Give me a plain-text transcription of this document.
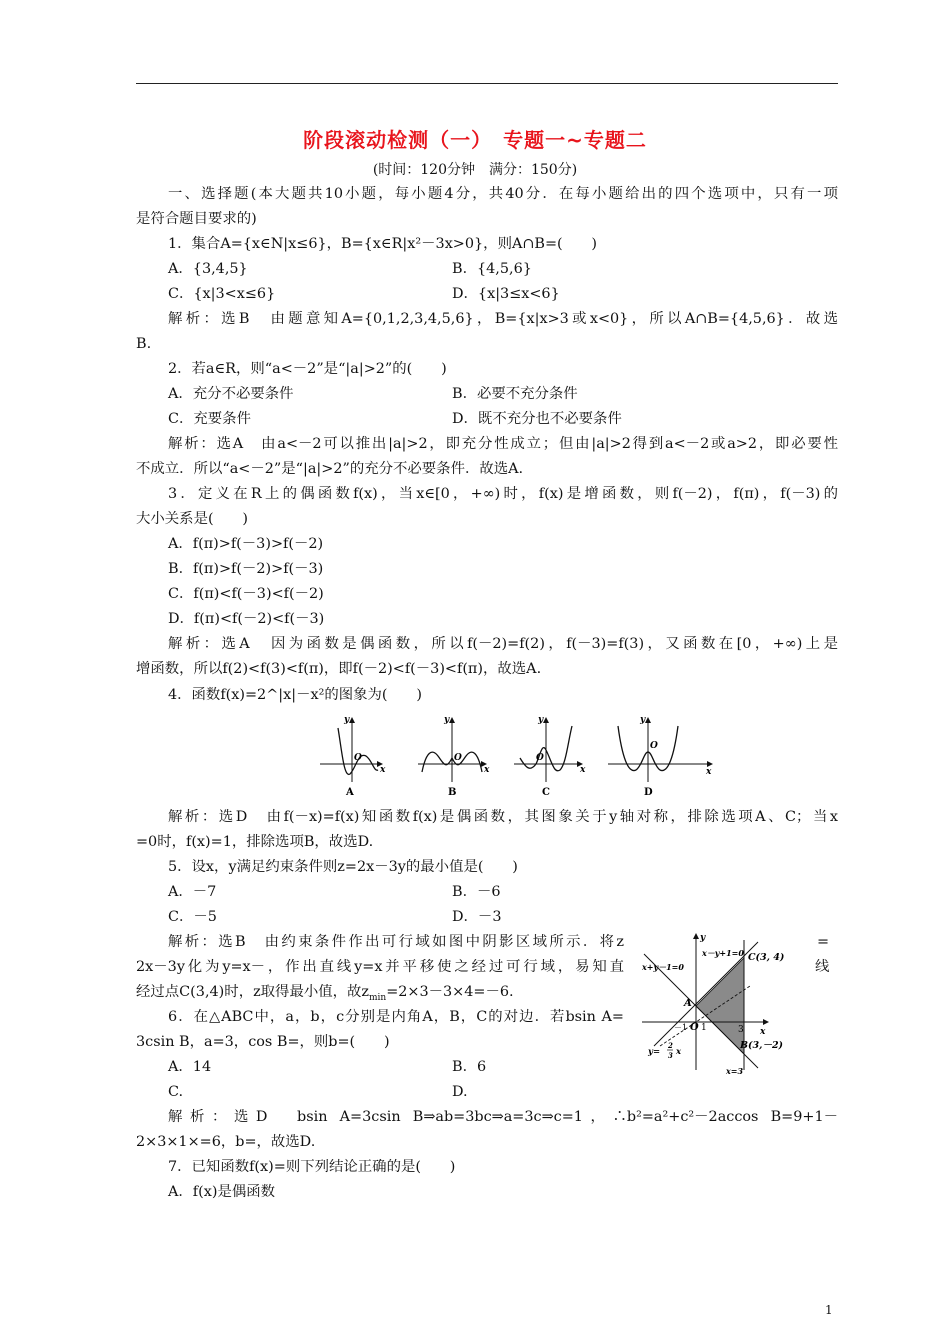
阶段滚动检测（一）　专题一~专题二
(时间：120分钟　满分：150分)
一、选择题(本大题共10小题，每小题4分，共40分．在每小题给出的四个选项中，只有一项
是符合题目要求的)
1．集合A={x∈N|x≤6}，B={x∈R|x²－3x>0}，则A∩B=(　　)
A．{3,4,5}	B．{4,5,6}
C．{x|3<x≤6}	D．{x|3≤x<6}
解析：选B　由题意知A={0,1,2,3,4,5,6}，B={x|x>3或x<0}，所以A∩B={4,5,6}．故选
B.
2．若a∈R，则“a<－2”是“|a|>2”的(　　)
A．充分不必要条件	B．必要不充分条件
C．充要条件	D．既不充分也不必要条件
解析：选A　由a<－2可以推出|a|>2，即充分性成立；但由|a|>2得到a<－2或a>2，即必要性
不成立．所以“a<－2”是“|a|>2”的充分不必要条件．故选A.
3．定义在R上的偶函数f(x)，当x∈[0，+∞)时，f(x)是增函数，则f(－2)，f(π)，f(－3)的
大小关系是(　　)
A．f(π)>f(－3)>f(－2)
B．f(π)>f(－2)>f(－3)
C．f(π)<f(－3)<f(－2)
D．f(π)<f(－2)<f(－3)
解析：选A　因为函数是偶函数，所以f(－2)=f(2)，f(－3)=f(3)，又函数在[0，+∞)上是
增函数，所以f(2)<f(3)<f(π)，即f(－2)<f(－3)<f(π)，故选A.
4．函数f(x)=2^|x|－x²的图象为(　　)
y
x
O
A
y
x
O
B
y
x
O
C
y
x
O
D
解析：选D　由f(－x)=f(x)知函数f(x)是偶函数，其图象关于y轴对称，排除选项A、C；当x
=0时，f(x)=1，排除选项B，故选D.
5．设x，y满足约束条件则z=2x－3y的最小值是(　　)
A．－7	B．－6
C．－5	D．－3
解析：选B　由约束条件作出可行域如图中阴影区域所示．将z	=
2x－3y化为y=x－，作出直线y=x并平移使之经过可行域，易知直	线
经过点C(3,4)时，z取得最小值，故$z_{min}=2\times 3-3\times 4=-6$.
6．在△ABC中，a，b，c分别是内角A，B，C的对边．若bsin A=
3csin B，a=3，cos B=，则b=(　　)
A．14	B．6
C.	D.
y
x
x－y+1=0
x+y－1=0
C(3, 4)
B(3,－2)
A
O
－1 1	3
x=3
y=
2
3 x
解析：选D　bsin A=3csin B⇒ab=3bc⇒a=3c⇒c=1，∴b²=a²+c²－2accos B=9+1－
2×3×1×=6，b=，故选D.
7．已知函数f(x)=则下列结论正确的是(　　)
A．f(x)是偶函数
1
